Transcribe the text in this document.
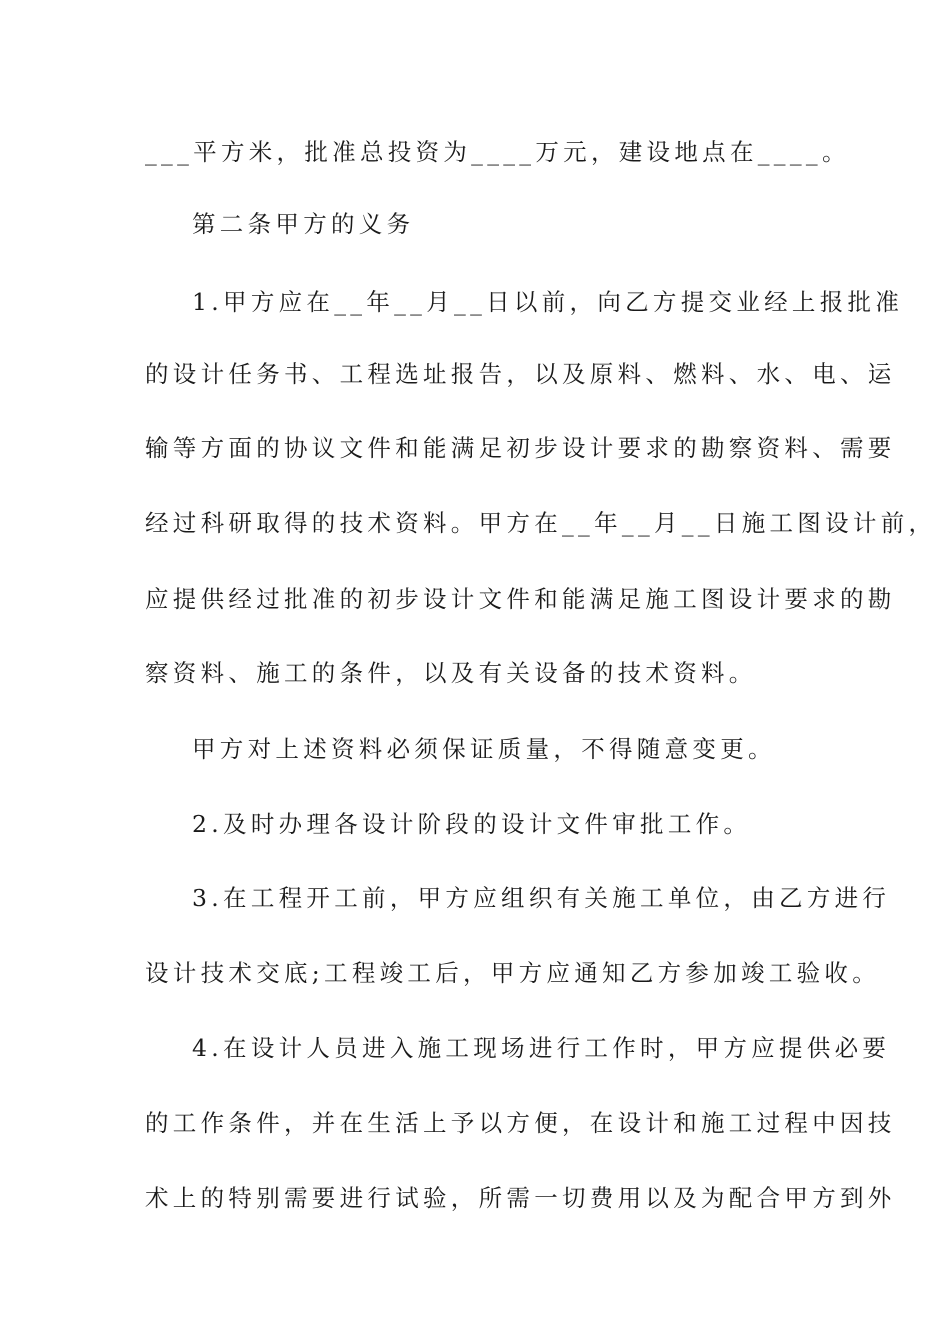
___平方米，批准总投资为____万元，建设地点在____。
第二条甲方的义务
1.甲方应在__年__月__日以前，向乙方提交业经上报批准
的设计任务书、工程选址报告，以及原料、燃料、水、电、运
输等方面的协议文件和能满足初步设计要求的勘察资料、需要
经过科研取得的技术资料。甲方在__年__月__日施工图设计前，
应提供经过批准的初步设计文件和能满足施工图设计要求的勘
察资料、施工的条件，以及有关设备的技术资料。
甲方对上述资料必须保证质量，不得随意变更。
2.及时办理各设计阶段的设计文件审批工作。
3.在工程开工前，甲方应组织有关施工单位，由乙方进行
设计技术交底;工程竣工后，甲方应通知乙方参加竣工验收。
4.在设计人员进入施工现场进行工作时，甲方应提供必要
的工作条件，并在生活上予以方便，在设计和施工过程中因技
术上的特别需要进行试验，所需一切费用以及为配合甲方到外
